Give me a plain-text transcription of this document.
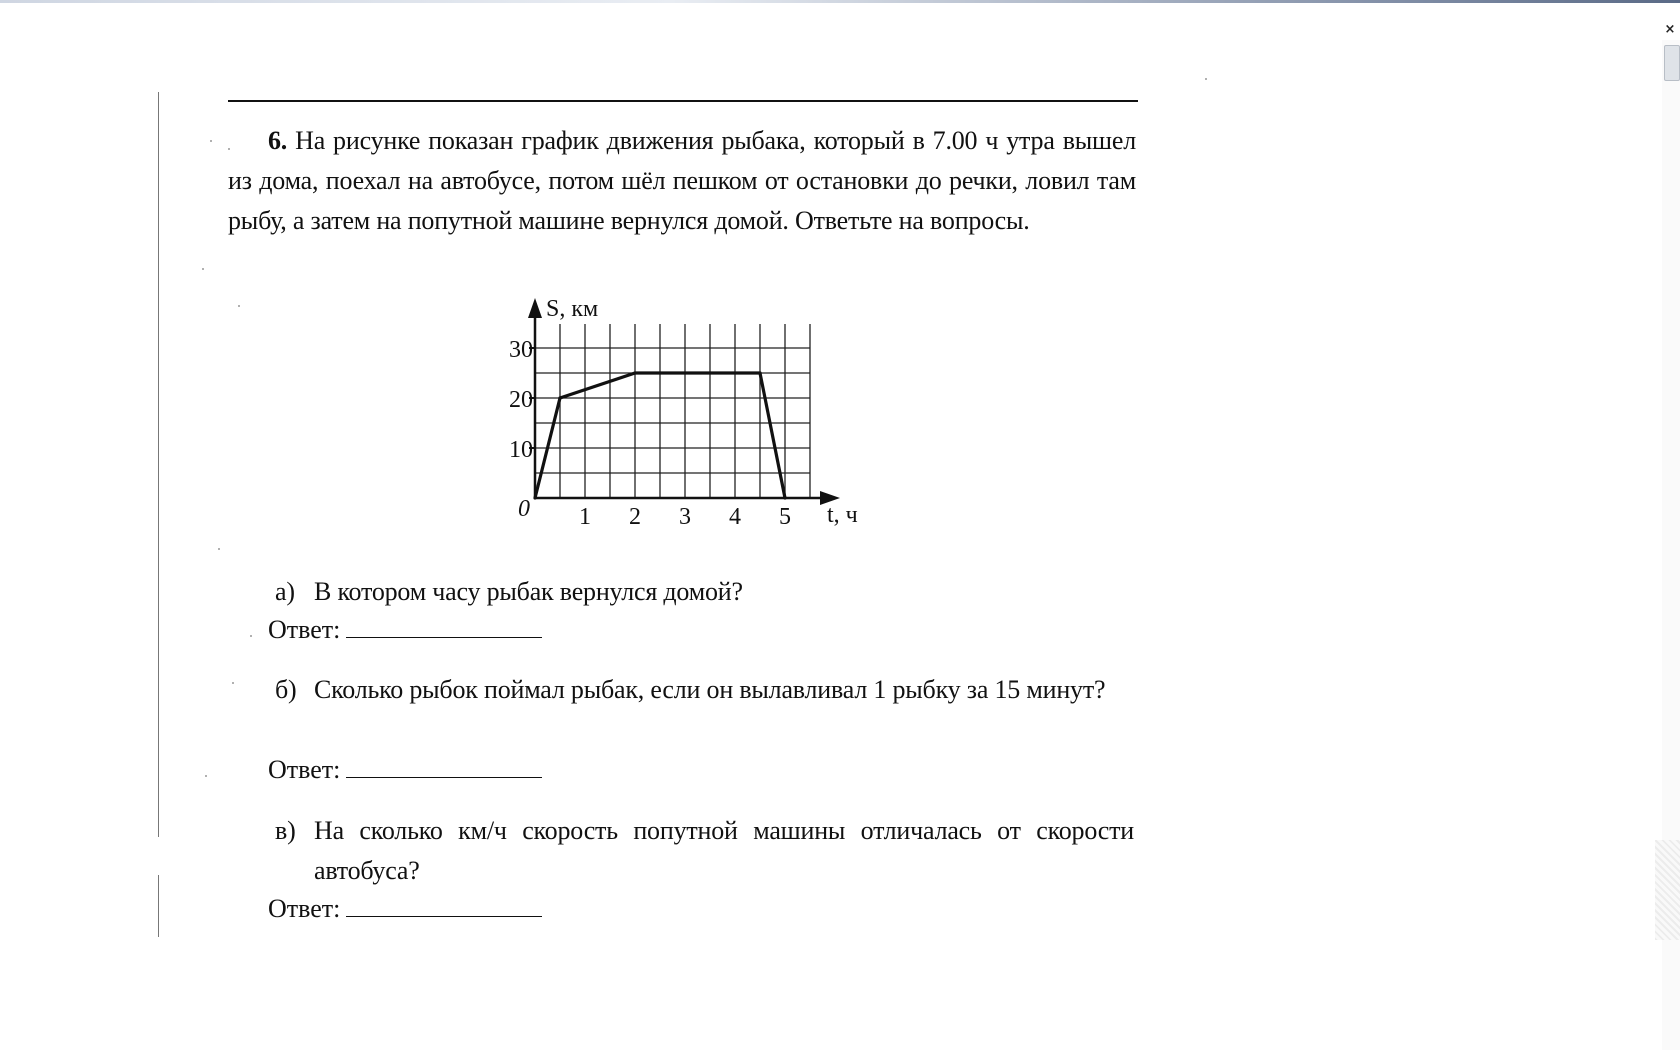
×
6. На рисунке показан график движения рыбака, который в 7.00 ч утра вышел из дома, поехал на автобусе, потом шёл пешком от остановки до речки, ловил там рыбу, а затем на попутной машине вернулся домой. Ответьте на вопросы.
1 2 3 4 5
10
20
30
S, км
t, ч
0
а) В котором часу рыбак вернулся домой?
Ответ:
б) Сколько рыбок поймал рыбак, если он вылавливал 1 рыбку за 15 минут?
Ответ:
в) На сколько км/ч скорость попутной машины отличалась от скорости автобуса?
Ответ:
